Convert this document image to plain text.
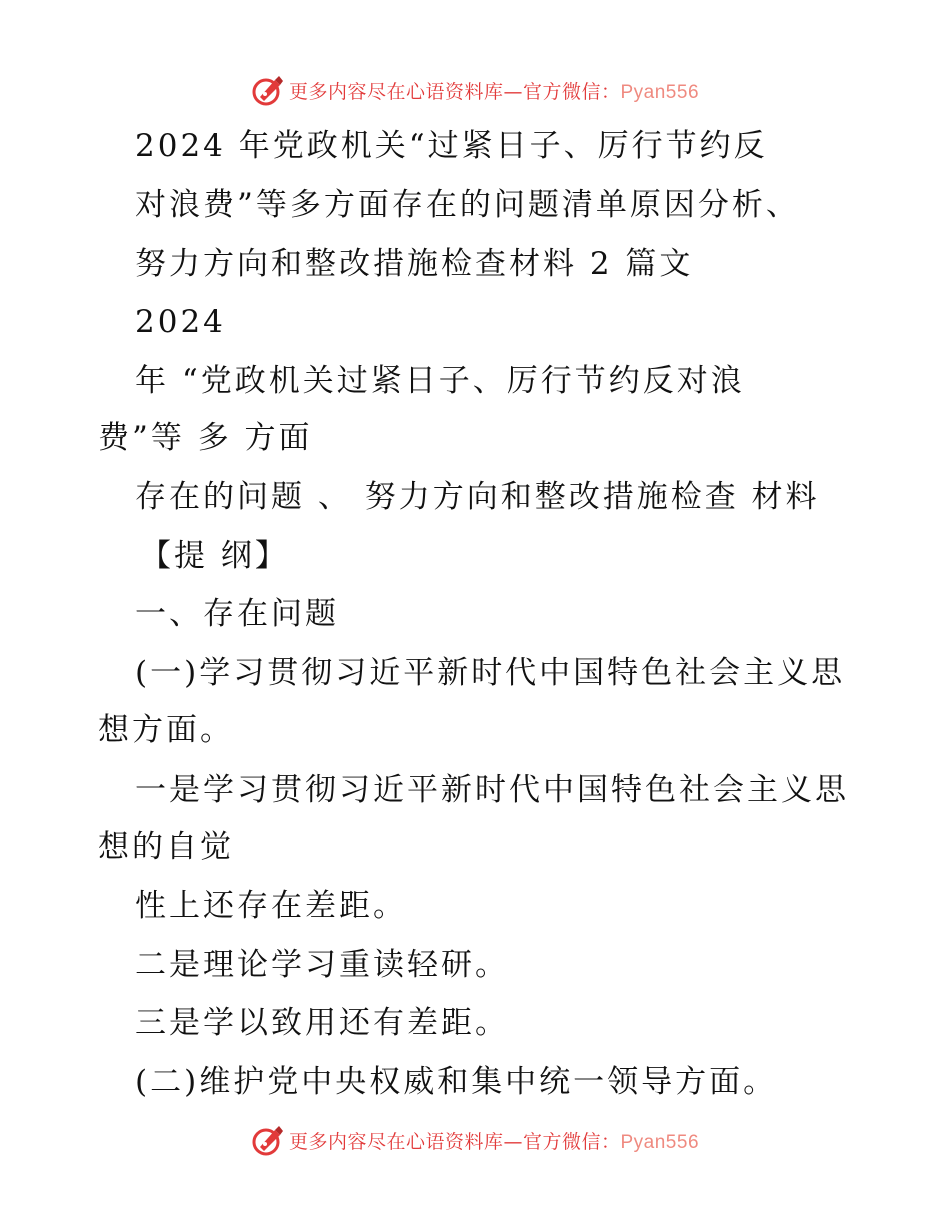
更多内容尽在心语资料库—官方微信：Pyan556
2024 年党政机关“过紧日子、厉行节约反
对浪费”等多方面存在的问题清单原因分析、
努力方向和整改措施检查材料 2 篇文
2024
年 “党政机关过紧日子、厉行节约反对浪
费”等 多 方面
存在的问题 、 努力方向和整改措施检查 材料
【提 纲】
一、存在问题
(一)学习贯彻习近平新时代中国特色社会主义思
想方面。
一是学习贯彻习近平新时代中国特色社会主义思
想的自觉
性上还存在差距。
二是理论学习重读轻研。
三是学以致用还有差距。
(二)维护党中央权威和集中统一领导方面。
更多内容尽在心语资料库—官方微信：Pyan556
